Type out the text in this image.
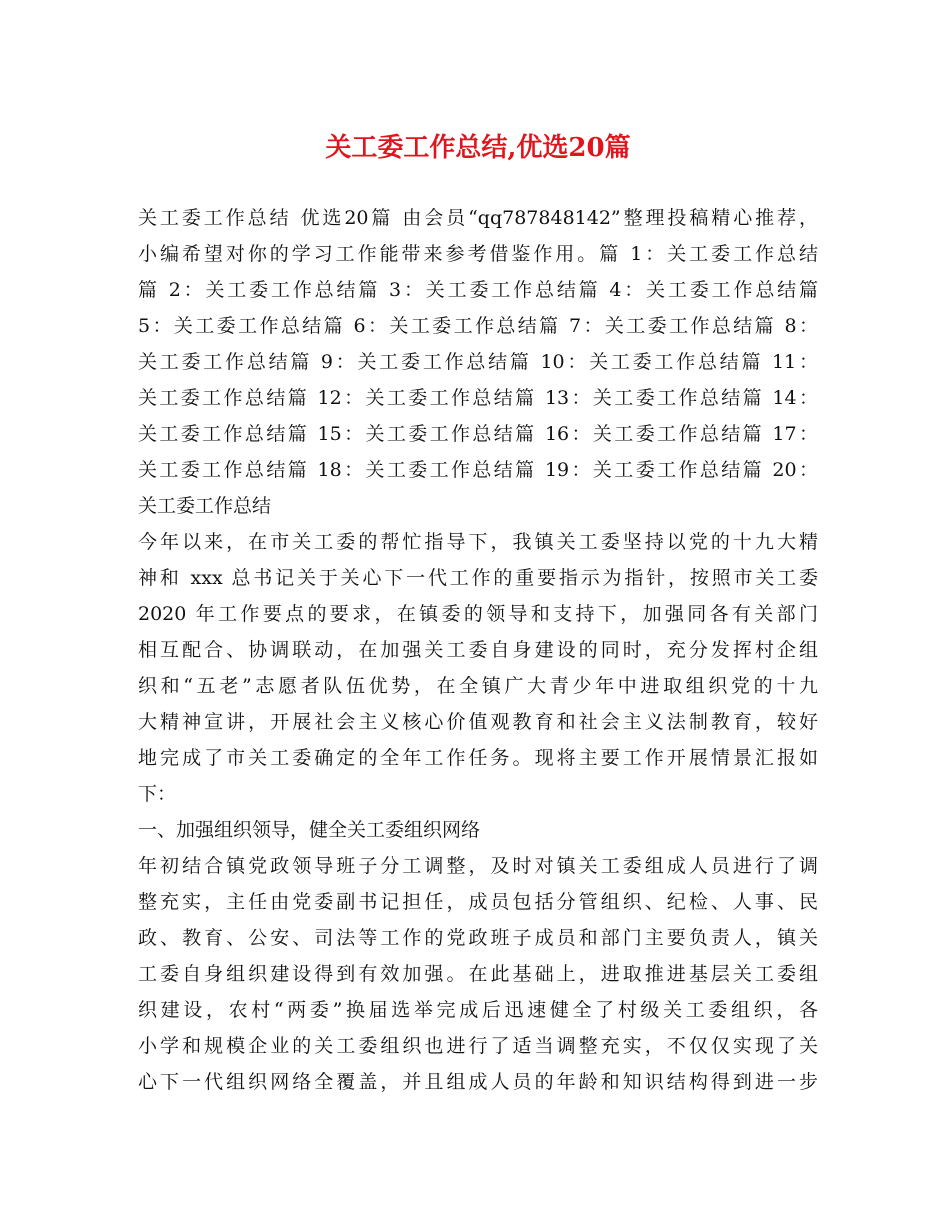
关工委工作总结,优选20篇
关工委工作总结 优选20篇 由会员“qq787848142”整理投稿精心推荐，
小编希望对你的学习工作能带来参考借鉴作用。篇 1：关工委工作总结
篇 2：关工委工作总结篇 3：关工委工作总结篇 4：关工委工作总结篇
5：关工委工作总结篇 6：关工委工作总结篇 7：关工委工作总结篇 8：
关工委工作总结篇 9：关工委工作总结篇 10：关工委工作总结篇 11：
关工委工作总结篇 12：关工委工作总结篇 13：关工委工作总结篇 14：
关工委工作总结篇 15：关工委工作总结篇 16：关工委工作总结篇 17：
关工委工作总结篇 18：关工委工作总结篇 19：关工委工作总结篇 20：
关工委工作总结
今年以来，在市关工委的帮忙指导下，我镇关工委坚持以党的十九大精
神和 xxx 总书记关于关心下一代工作的重要指示为指针，按照市关工委
2020 年工作要点的要求，在镇委的领导和支持下，加强同各有关部门
相互配合、协调联动，在加强关工委自身建设的同时，充分发挥村企组
织和“五老”志愿者队伍优势，在全镇广大青少年中进取组织党的十九
大精神宣讲，开展社会主义核心价值观教育和社会主义法制教育，较好
地完成了市关工委确定的全年工作任务。现将主要工作开展情景汇报如
下：
一、加强组织领导，健全关工委组织网络
年初结合镇党政领导班子分工调整，及时对镇关工委组成人员进行了调
整充实，主任由党委副书记担任，成员包括分管组织、纪检、人事、民
政、教育、公安、司法等工作的党政班子成员和部门主要负责人，镇关
工委自身组织建设得到有效加强。在此基础上，进取推进基层关工委组
织建设，农村“两委”换届选举完成后迅速健全了村级关工委组织，各
小学和规模企业的关工委组织也进行了适当调整充实，不仅仅实现了关
心下一代组织网络全覆盖，并且组成人员的年龄和知识结构得到进一步
